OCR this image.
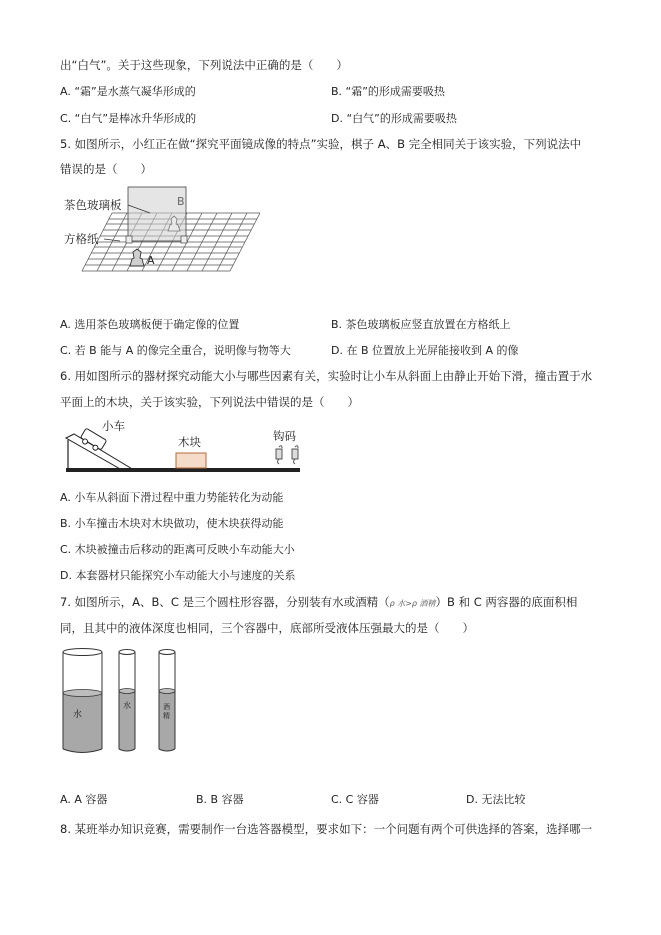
出“白气”。关于这些现象，下列说法中正确的是（　　）
A. “霜”是水蒸气凝华形成的	B. “霜”的形成需要吸热
C. “白气”是棒冰升华形成的	D. “白气”的形成需要吸热
5. 如图所示，小红正在做“探究平面镜成像的特点”实验，棋子 A、B 完全相同关于该实验，下列说法中
错误的是（　　）
B
A
茶色玻璃板
方格纸
A. 选用茶色玻璃板便于确定像的位置	B. 茶色玻璃板应竖直放置在方格纸上
C. 若 B 能与 A 的像完全重合，说明像与物等大	D. 在 B 位置放上光屏能接收到 A 的像
6. 用如图所示的器材探究动能大小与哪些因素有关，实验时让小车从斜面上由静止开始下滑，撞击置于水
平面上的木块，关于该实验，下列说法中错误的是（　　）
小车
木块	钩码
A. 小车从斜面下滑过程中重力势能转化为动能
B. 小车撞击木块对木块做功，使木块获得动能
C. 木块被撞击后移动的距离可反映小车动能大小
D. 本套器材只能探究小车动能大小与速度的关系
7. 如图所示，A、B、C 是三个圆柱形容器，分别装有水或酒精（ρ 水>ρ 酒精）B 和 C 两容器的底面积相
同，且其中的液体深度也相同，三个容器中，底部所受液体压强最大的是（　　）
水
水	酒
精
A. A 容器	B. B 容器	C. C 容器	D. 无法比较
8. 某班举办知识竞赛，需要制作一台选答器模型，要求如下：一个问题有两个可供选择的答案，选择哪一
